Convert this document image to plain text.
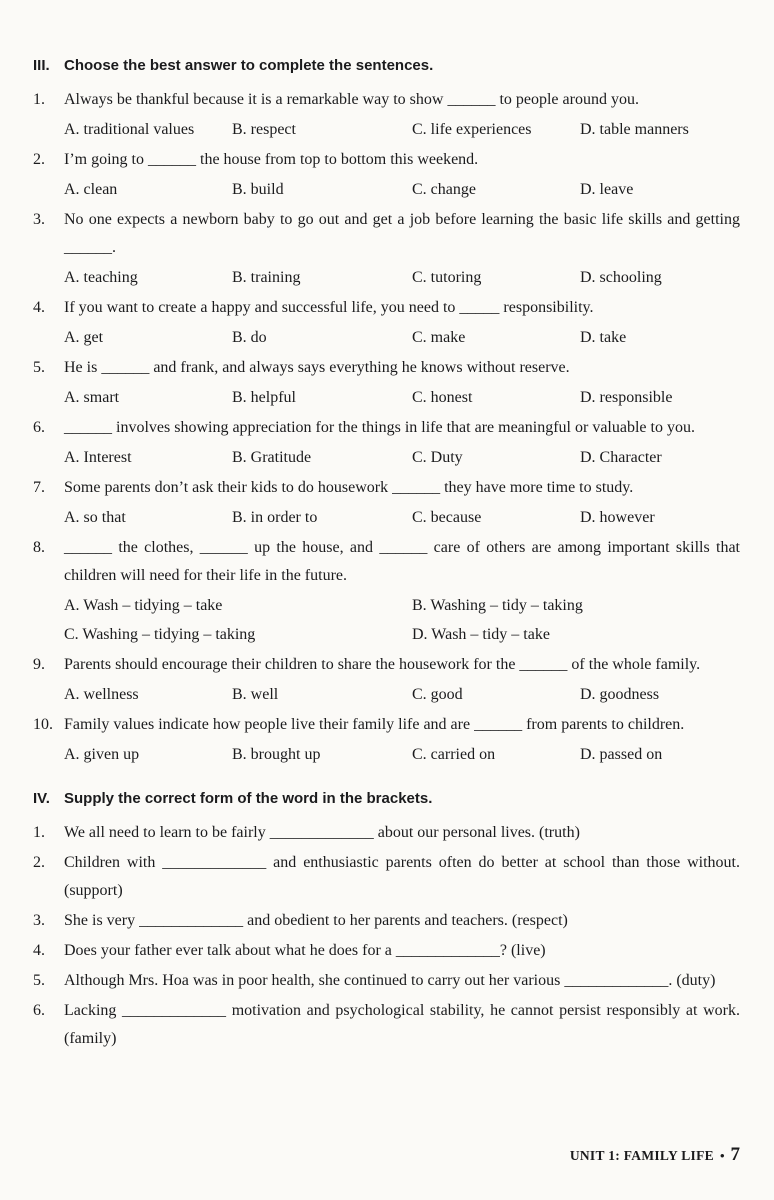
III. Choose the best answer to complete the sentences.
1.	Always be thankful because it is a remarkable way to show ______ to people around you.
A. traditional values	B. respect	C. life experiences	D. table manners
2.	I’m going to ______ the house from top to bottom this weekend.
A. clean	B. build	C. change	D. leave
3.	No one expects a newborn baby to go out and get a job before learning the basic life skills and getting ______.
A. teaching	B. training	C. tutoring	D. schooling
4.	If you want to create a happy and successful life, you need to _____ responsibility.
A. get	B. do	C. make	D. take
5.	He is ______ and frank, and always says everything he knows without reserve.
A. smart	B. helpful	C. honest	D. responsible
6.	______ involves showing appreciation for the things in life that are meaningful or valuable to you.
A. Interest	B. Gratitude	C. Duty	D. Character
7.	Some parents don’t ask their kids to do housework ______ they have more time to study.
A. so that	B. in order to	C. because	D. however
8.	______ the clothes, ______ up the house, and ______ care of others are among important skills that children will need for their life in the future.
A. Wash – tidying – take	B. Washing – tidy – taking
C. Washing – tidying – taking	D. Wash – tidy – take
9.	Parents should encourage their children to share the housework for the ______ of the whole family.
A. wellness	B. well	C. good	D. goodness
10. Family values indicate how people live their family life and are ______ from parents to children.
A. given up	B. brought up	C. carried on	D. passed on
IV. Supply the correct form of the word in the brackets.
1.	We all need to learn to be fairly _____________ about our personal lives. (truth)
2.	Children with _____________ and enthusiastic parents often do better at school than those without. (support)
3.	She is very _____________ and obedient to her parents and teachers. (respect)
4.	Does your father ever talk about what he does for a _____________? (live)
5.	Although Mrs. Hoa was in poor health, she continued to carry out her various _____________. (duty)
6.	Lacking _____________ motivation and psychological stability, he cannot persist responsibly at work. (family)
UNIT 1: FAMILY LIFE • 7
